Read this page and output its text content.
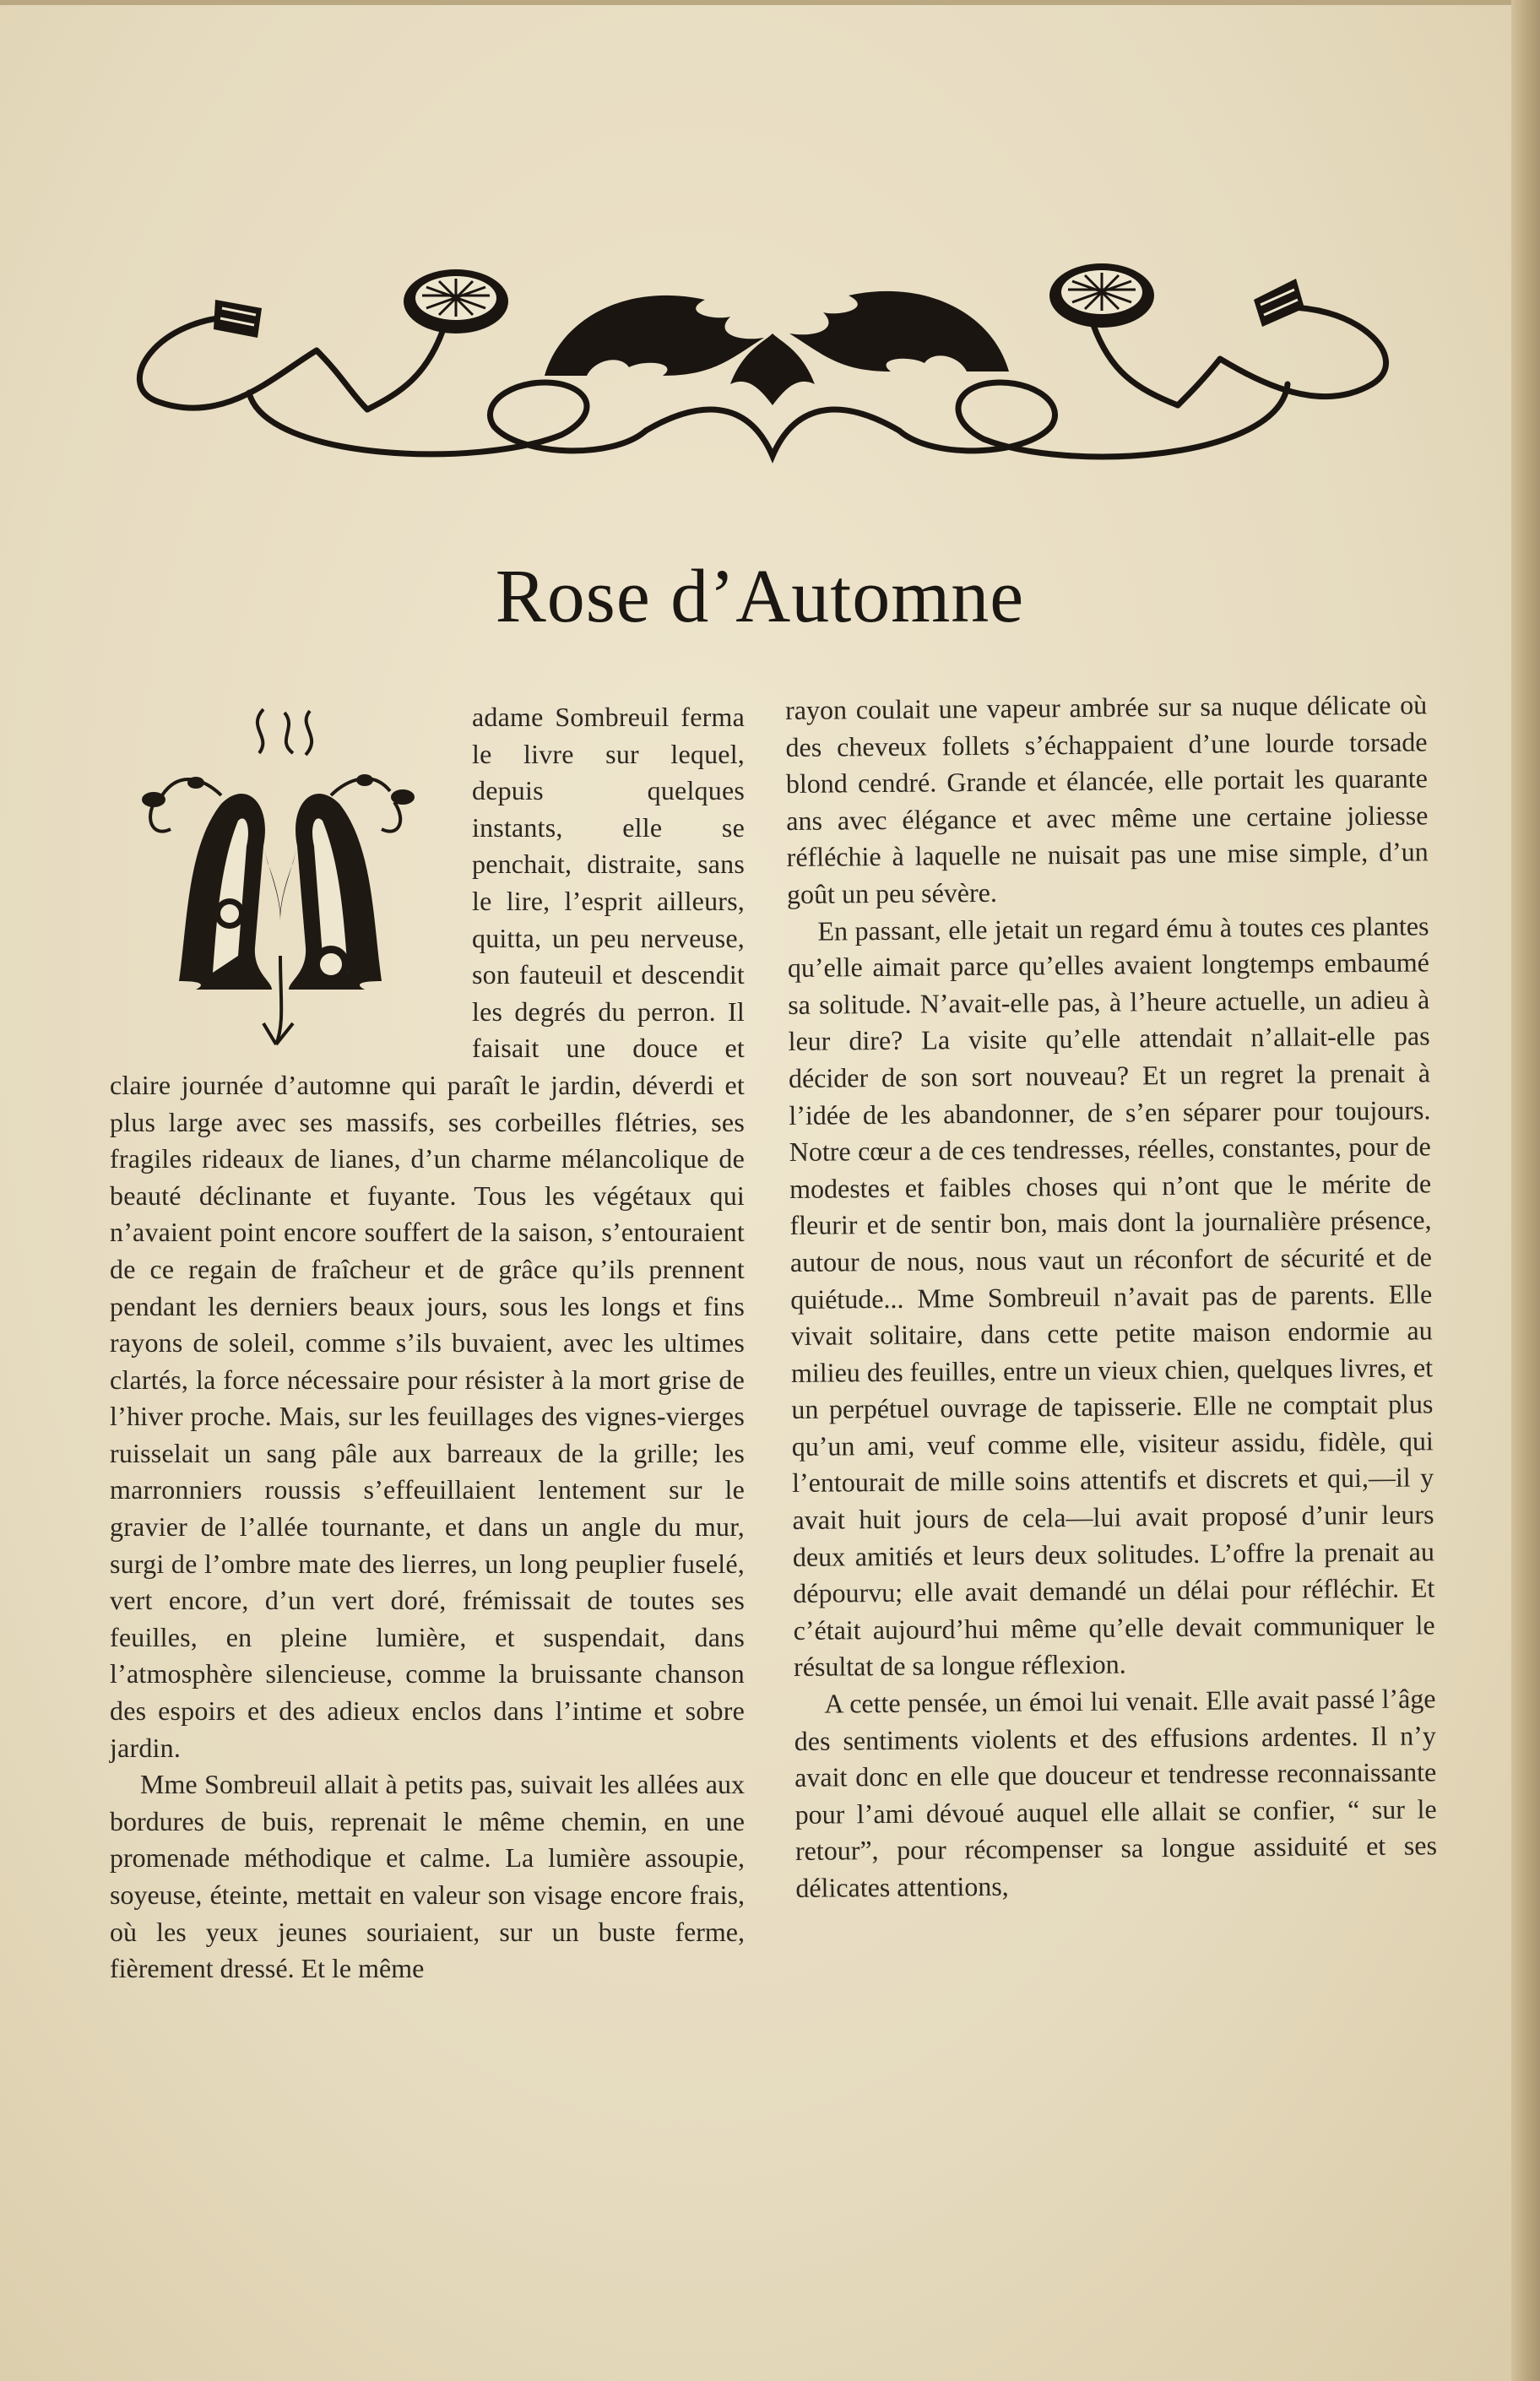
Rose d’Automne

adame Sombreuil ferma le livre sur lequel, depuis quelques instants, elle se penchait, distraite, sans le lire, l’esprit ailleurs, quitta, un peu nerveuse, son fauteuil et descendit les degrés du perron. Il faisait une douce et claire journée d’automne qui paraît le jardin, déverdi et plus large avec ses massifs, ses corbeilles flétries, ses fragiles rideaux de lianes, d’un charme mélancolique de beauté déclinante et fuyante. Tous les végétaux qui n’avaient point encore souffert de la saison, s’entouraient de ce regain de fraîcheur et de grâce qu’ils prennent pendant les derniers beaux jours, sous les longs et fins rayons de soleil, comme s’ils buvaient, avec les ultimes clartés, la force nécessaire pour résister à la mort grise de l’hiver proche. Mais, sur les feuillages des vignes-vierges ruisselait un sang pâle aux barreaux de la grille; les marronniers roussis s’effeuillaient lentement sur le gravier de l’allée tournante, et dans un angle du mur, surgi de l’ombre mate des lierres, un long peuplier fuselé, vert encore, d’un vert doré, frémissait de toutes ses feuilles, en pleine lumière, et suspendait, dans l’atmosphère silencieuse, comme la bruissante chanson des espoirs et des adieux enclos dans l’intime et sobre jardin.

Mme Sombreuil allait à petits pas, suivait les allées aux bordures de buis, reprenait le même chemin, en une promenade méthodique et calme. La lumière assoupie, soyeuse, éteinte, mettait en valeur son visage encore frais, où les yeux jeunes souriaient, sur un buste ferme, fièrement dressé. Et le même

rayon coulait une vapeur ambrée sur sa nuque délicate où des cheveux follets s’échappaient d’une lourde torsade blond cendré. Grande et élancée, elle portait les quarante ans avec élégance et avec même une certaine joliesse réfléchie à laquelle ne nuisait pas une mise simple, d’un goût un peu sévère.

En passant, elle jetait un regard ému à toutes ces plantes qu’elle aimait parce qu’elles avaient longtemps embaumé sa solitude. N’avait-elle pas, à l’heure actuelle, un adieu à leur dire? La visite qu’elle attendait n’allait-elle pas décider de son sort nouveau? Et un regret la prenait à l’idée de les abandonner, de s’en séparer pour toujours. Notre cœur a de ces tendresses, réelles, constantes, pour de modestes et faibles choses qui n’ont que le mérite de fleurir et de sentir bon, mais dont la journalière présence, autour de nous, nous vaut un réconfort de sécurité et de quiétude... Mme Sombreuil n’avait pas de parents. Elle vivait solitaire, dans cette petite maison endormie au milieu des feuilles, entre un vieux chien, quelques livres, et un perpétuel ouvrage de tapisserie. Elle ne comptait plus qu’un ami, veuf comme elle, visiteur assidu, fidèle, qui l’entourait de mille soins attentifs et discrets et qui,—il y avait huit jours de cela—lui avait proposé d’unir leurs deux amitiés et leurs deux solitudes. L’offre la prenait au dépourvu; elle avait demandé un délai pour réfléchir. Et c’était aujourd’hui même qu’elle devait communiquer le résultat de sa longue réflexion.

A cette pensée, un émoi lui venait. Elle avait passé l’âge des sentiments violents et des effusions ardentes. Il n’y avait donc en elle que douceur et tendresse reconnaissante pour l’ami dévoué auquel elle allait se confier, “ sur le retour”, pour récompenser sa longue assiduité et ses délicates attentions,
